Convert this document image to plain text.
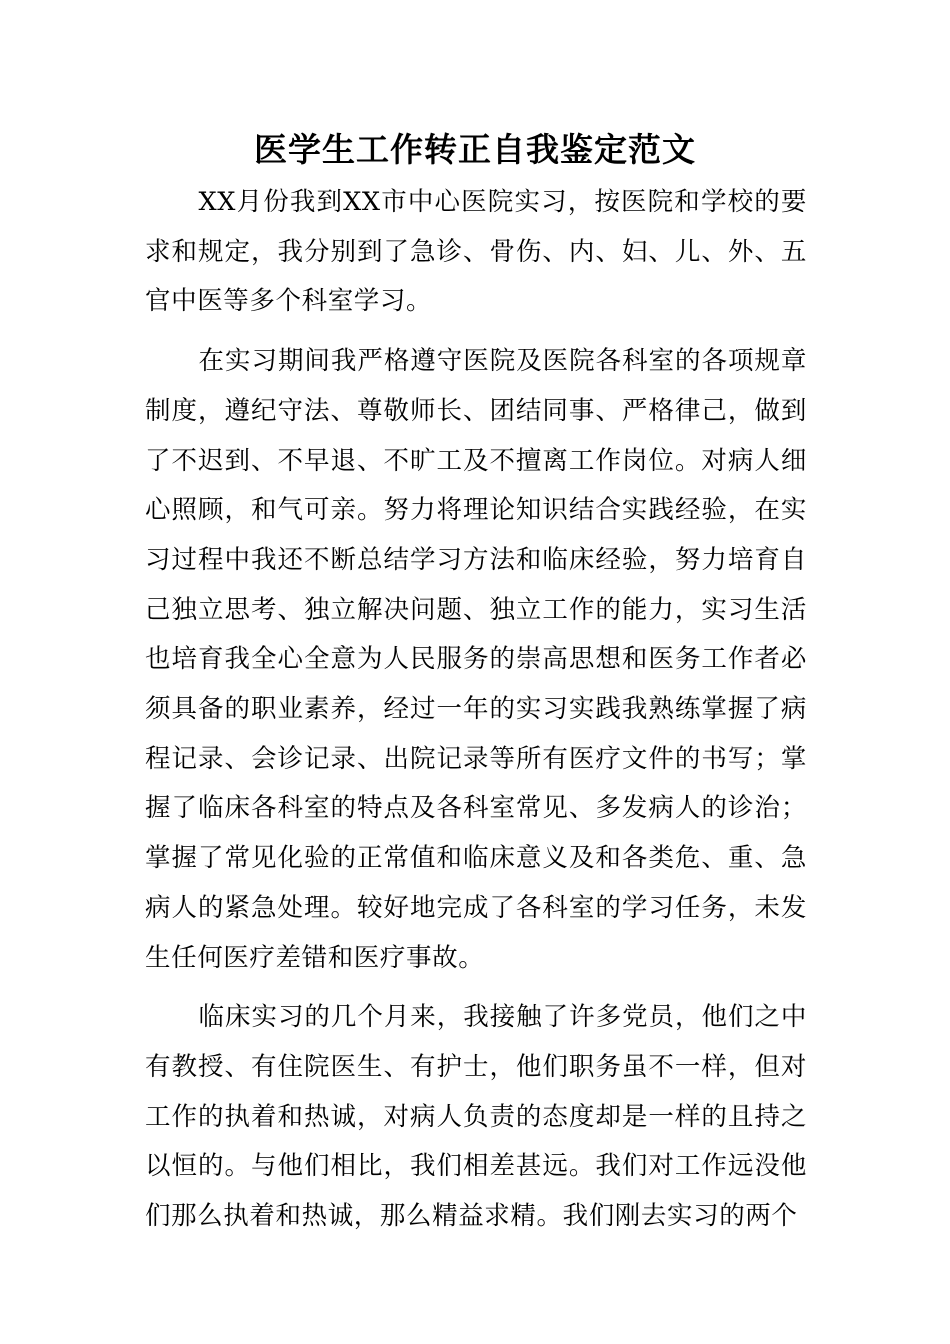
医学生工作转正自我鉴定范文

XX月份我到XX市中心医院实习，按医院和学校的要求和规定，我分别到了急诊、骨伤、内、妇、儿、外、五官中医等多个科室学习。

在实习期间我严格遵守医院及医院各科室的各项规章制度，遵纪守法、尊敬师长、团结同事、严格律己，做到了不迟到、不早退、不旷工及不擅离工作岗位。对病人细心照顾，和气可亲。努力将理论知识结合实践经验，在实习过程中我还不断总结学习方法和临床经验，努力培育自己独立思考、独立解决问题、独立工作的能力，实习生活也培育我全心全意为人民服务的崇高思想和医务工作者必须具备的职业素养，经过一年的实习实践我熟练掌握了病程记录、会诊记录、出院记录等所有医疗文件的书写；掌握了临床各科室的特点及各科室常见、多发病人的诊治；掌握了常见化验的正常值和临床意义及和各类危、重、急病人的紧急处理。较好地完成了各科室的学习任务，未发生任何医疗差错和医疗事故。

临床实习的几个月来，我接触了许多党员，他们之中有教授、有住院医生、有护士，他们职务虽不一样，但对工作的执着和热诚，对病人负责的态度却是一样的且持之以恒的。与他们相比，我们相差甚远。我们对工作远没他们那么执着和热诚，那么精益求精。我们刚去实习的两个
